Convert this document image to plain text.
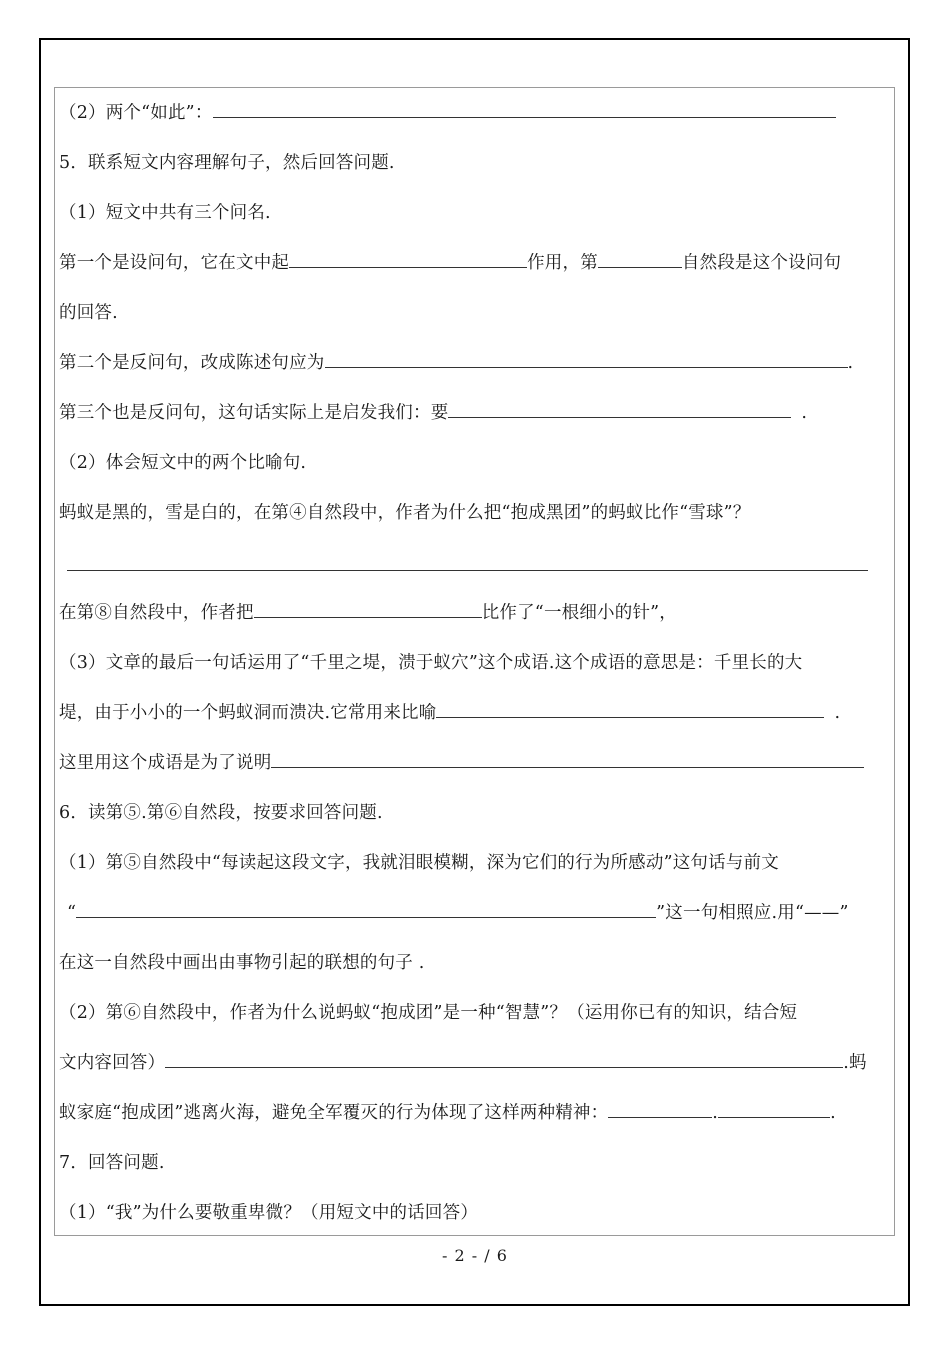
（2）两个“如此”：
5．联系短文内容理解句子，然后回答问题.
（1）短文中共有三个问名.
第一个是设问句，它在文中起	作用，第	自然段是这个设问句
的回答.
第二个是反问句，改成陈述句应为	.
第三个也是反问句，这句话实际上是启发我们：要	.
（2）体会短文中的两个比喻句.
蚂蚁是黑的，雪是白的，在第④自然段中，作者为什么把“抱成黑团”的蚂蚁比作“雪球”？
在第⑧自然段中，作者把	比作了“一根细小的针”，
（3）文章的最后一句话运用了“千里之堤，溃于蚁穴”这个成语.这个成语的意思是：千里长的大
堤，由于小小的一个蚂蚁洞而溃决.它常用来比喻	.
这里用这个成语是为了说明
6．读第⑤.第⑥自然段，按要求回答问题.
（1）第⑤自然段中“每读起这段文字，我就泪眼模糊，深为它们的行为所感动”这句话与前文
“	”这一句相照应.用“——”
在这一自然段中画出由事物引起的联想的句子 .
（2）第⑥自然段中，作者为什么说蚂蚁“抱成团”是一种“智慧”？（运用你已有的知识，结合短
文内容回答）	.蚂
蚁家庭“抱成团”逃离火海，避免全军覆灭的行为体现了这样两种精神：	.	.
7．回答问题.
（1）“我”为什么要敬重卑微？（用短文中的话回答）
- 2 - / 6
